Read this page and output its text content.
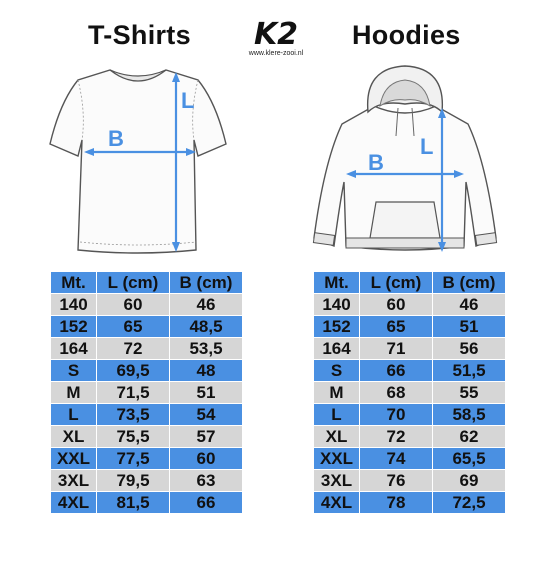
T-Shirts	Hoodies
K2
www.klere-zooi.nl
L
B	L
B
Mt.	L (cm)	B (cm)
140	60	46
152	65	48,5
164	72	53,5
S	69,5	48
M	71,5	51
L	73,5	54
XL	75,5	57
XXL	77,5	60
3XL	79,5	63
4XL	81,5	66
Mt.	L (cm)	B (cm)
140	60	46
152	65	51
164	71	56
S	66	51,5
M	68	55
L	70	58,5
XL	72	62
XXL	74	65,5
3XL	76	69
4XL	78	72,5
